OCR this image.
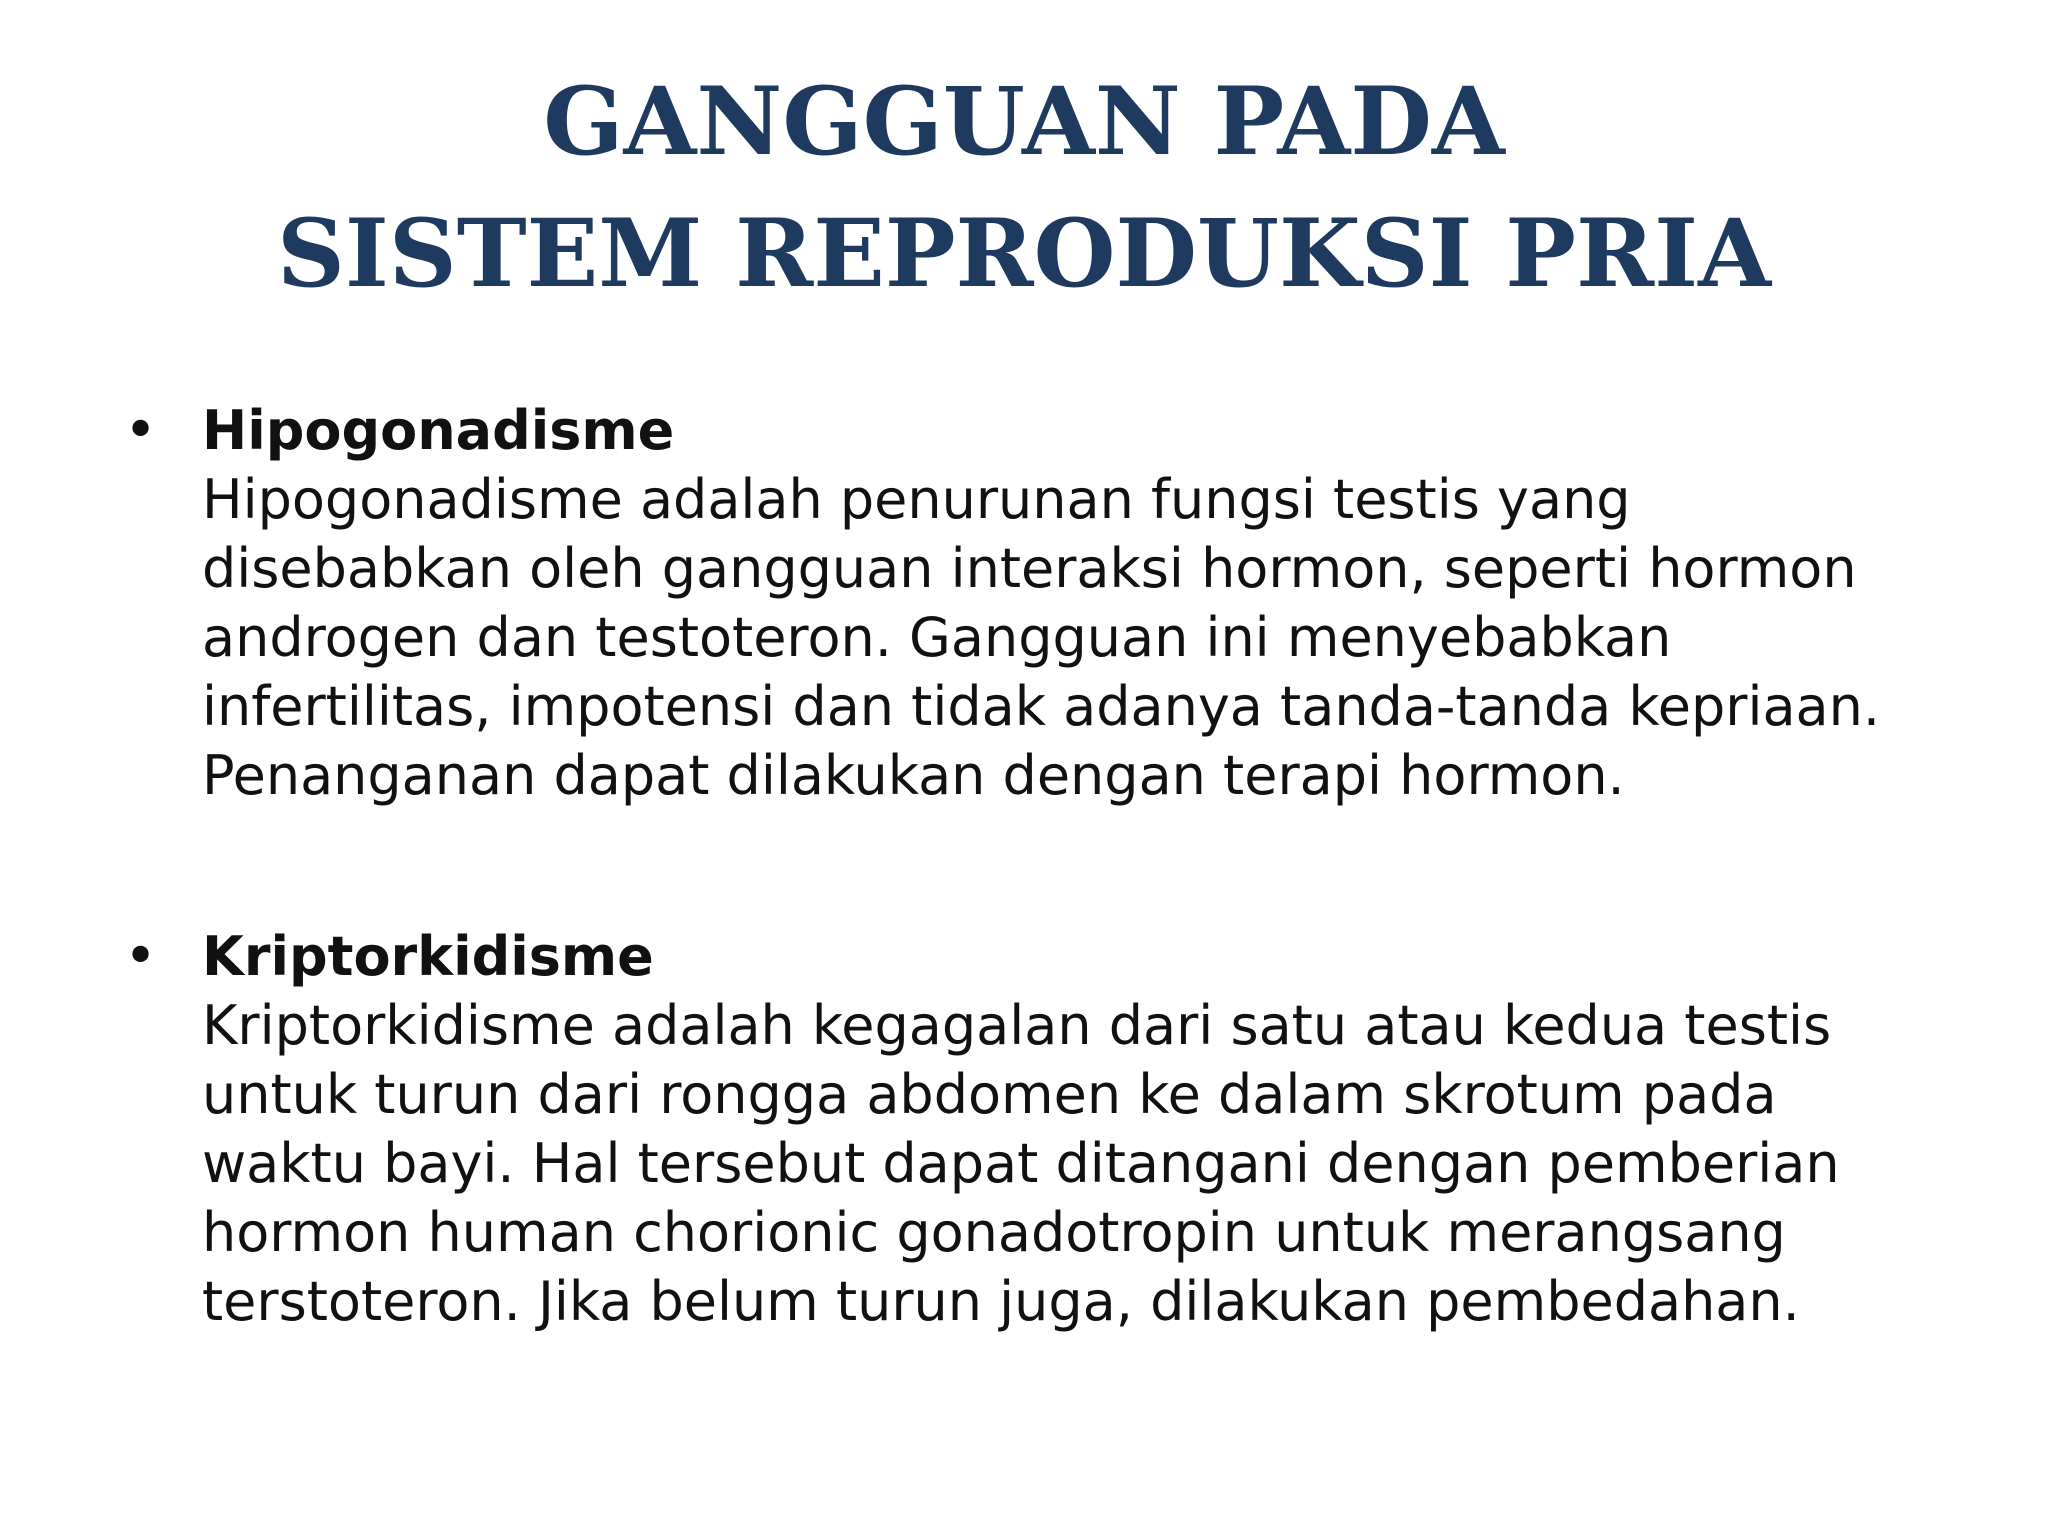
GANGGUAN PADA
SISTEM REPRODUKSI PRIA
• Hipogonadisme
Hipogonadisme adalah penurunan fungsi testis yang disebabkan oleh gangguan interaksi hormon, seperti hormon androgen dan testoteron. Gangguan ini menyebabkan infertilitas, impotensi dan tidak adanya tanda-tanda kepriaan. Penanganan dapat dilakukan dengan terapi hormon.
• Kriptorkidisme
Kriptorkidisme adalah kegagalan dari satu atau kedua testis untuk turun dari rongga abdomen ke dalam skrotum pada waktu bayi. Hal tersebut dapat ditangani dengan pemberian hormon human chorionic gonadotropin untuk merangsang terstoteron. Jika belum turun juga, dilakukan pembedahan.
